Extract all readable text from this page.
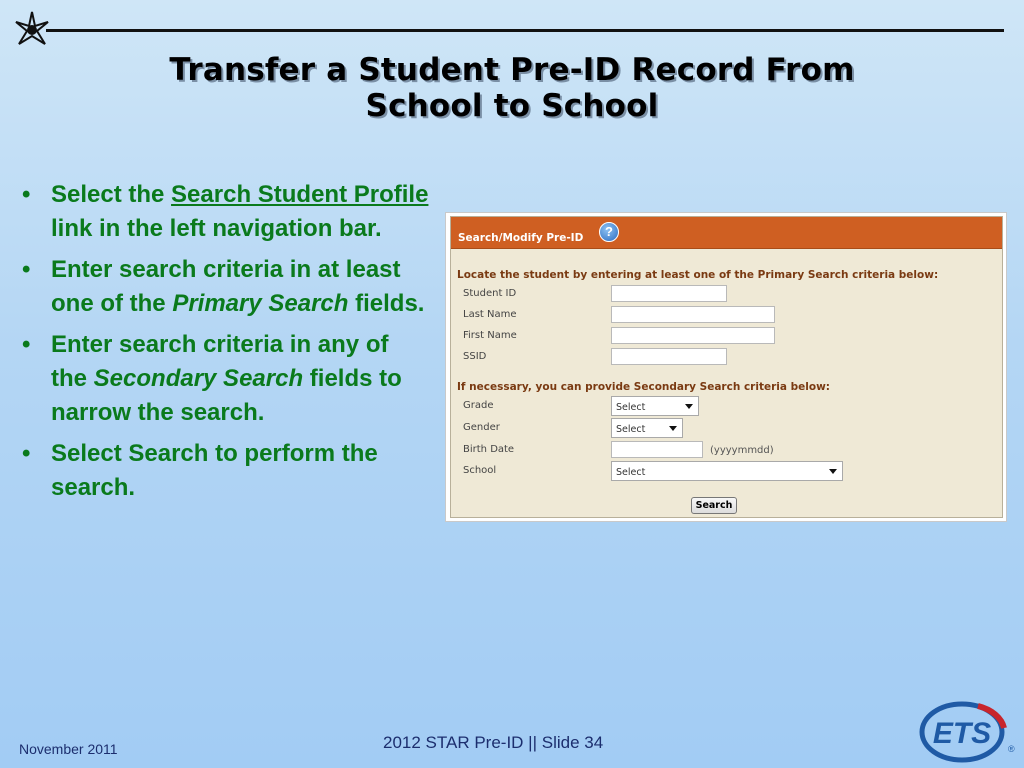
Transfer a Student Pre-ID Record From
School to School
• Select the Search Student Profile link in the left navigation bar.
• Enter search criteria in at least one of the Primary Search fields.
• Enter search criteria in any of the Secondary Search fields to narrow the search.
• Select Search to perform the search.
Search/Modify Pre-ID	?
Locate the student by entering at least one of the Primary Search criteria below:
Student ID
Last Name
First Name
SSID
If necessary, you can provide Secondary Search criteria below:
Grade	Select
Gender	Select
Birth Date	(yyyymmdd)
School	Select
Search
November 2011	2012 STAR Pre-ID || Slide 34	ETS ®
